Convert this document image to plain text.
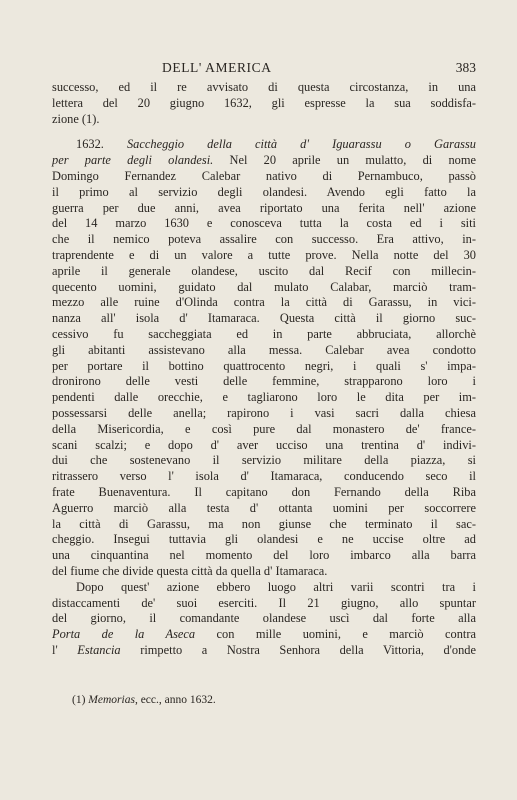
DELL' AMERICA	383

successo, ed il re avvisato di questa circostanza, in una
lettera del 20 giugno 1632, gli espresse la sua soddisfa-
zione (1).

1632. Saccheggio della città d' Iguarassu o Garassu
per parte degli olandesi. Nel 20 aprile un mulatto, di nome
Domingo Fernandez Calebar nativo di Pernambuco, passò
il primo al servizio degli olandesi. Avendo egli fatto la
guerra per due anni, avea riportato una ferita nell' azione
del 14 marzo 1630 e conosceva tutta la costa ed i siti
che il nemico poteva assalire con successo. Era attivo, in-
traprendente e di un valore a tutte prove. Nella notte del 30
aprile il generale olandese, uscito dal Recif con millecin-
quecento uomini, guidato dal mulato Calabar, marciò tram-
mezzo alle ruine d'Olinda contra la città di Garassu, in vici-
nanza all' isola d' Itamaraca. Questa città il giorno suc-
cessivo fu saccheggiata ed in parte abbruciata, allorchè
gli abitanti assistevano alla messa. Calebar avea condotto
per portare il bottino quattrocento negri, i quali s' impa-
dronirono delle vesti delle femmine, strapparono loro i
pendenti dalle orecchie, e tagliarono loro le dita per im-
possessarsi delle anella; rapirono i vasi sacri dalla chiesa
della Misericordia, e così pure dal monastero de' france-
scani scalzi; e dopo d' aver ucciso una trentina d' indivi-
dui che sostenevano il servizio militare della piazza, si
ritrassero verso l' isola d' Itamaraca, conducendo seco il
frate Buenaventura. Il capitano don Fernando della Riba
Aguerro marciò alla testa d' ottanta uomini per soccorrere
la città di Garassu, ma non giunse che terminato il sac-
cheggio. Insegui tuttavia gli olandesi e ne uccise oltre ad
una cinquantina nel momento del loro imbarco alla barra
del fiume che divide questa città da quella d' Itamaraca.

Dopo quest' azione ebbero luogo altri varii scontri tra i
distaccamenti de' suoi eserciti. Il 21 giugno, allo spuntar
del giorno, il comandante olandese uscì dal forte alla
Porta de la Aseca con mille uomini, e marciò contra
l' Estancia rimpetto a Nostra Senhora della Vittoria, d'onde

(1) Memorias, ecc., anno 1632.
